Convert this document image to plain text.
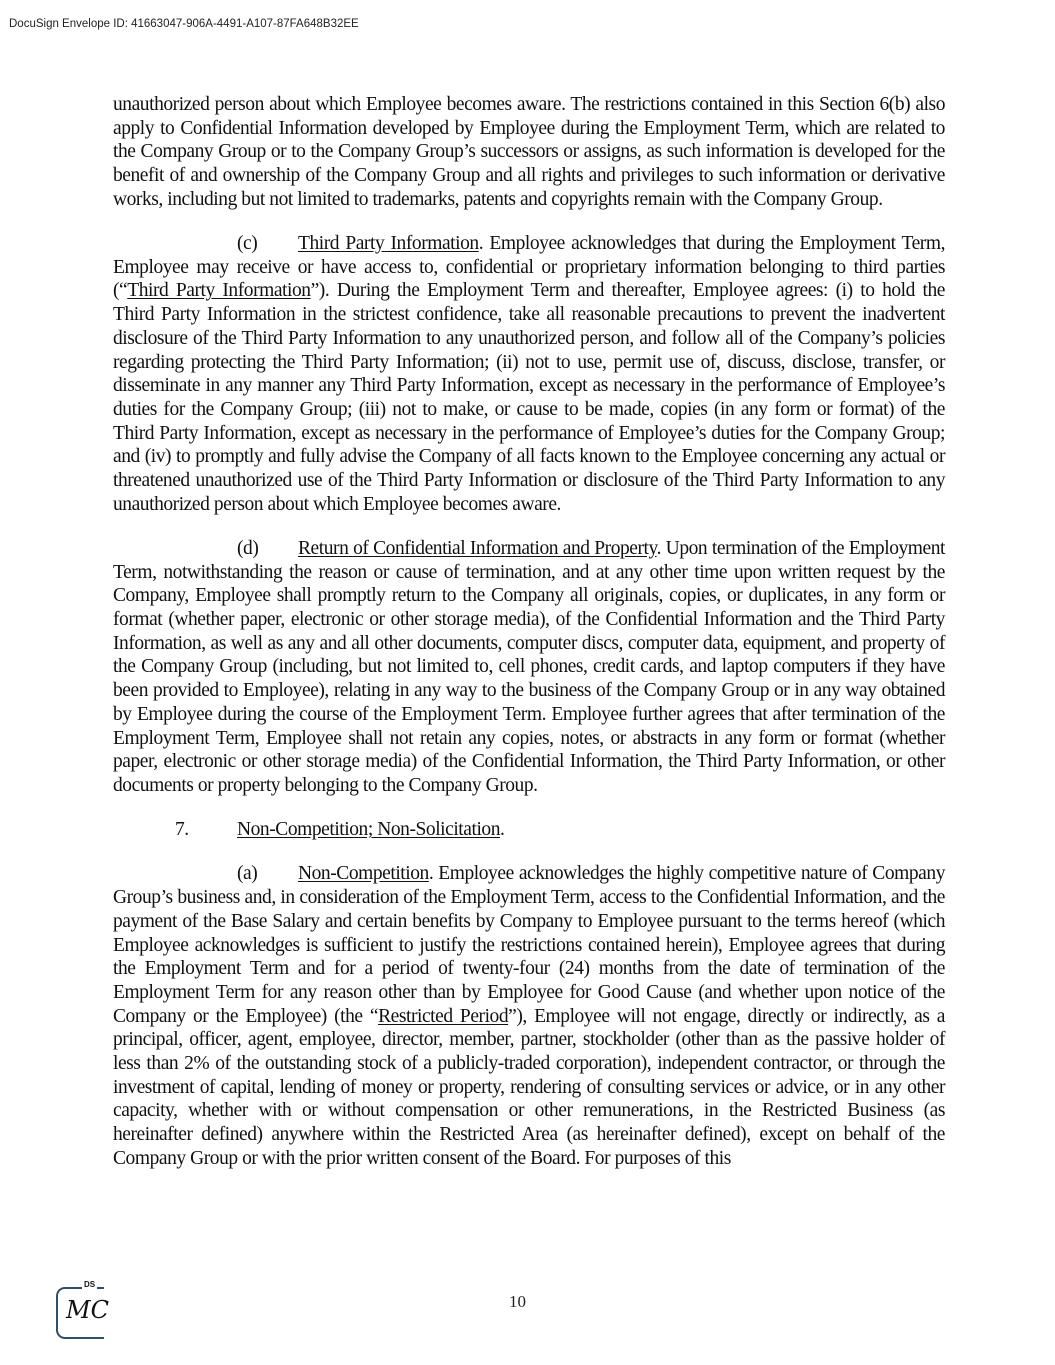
DocuSign Envelope ID: 41663047-906A-4491-A107-87FA648B32EE

unauthorized person about which Employee becomes aware. The restrictions contained in this Section 6(b) also apply to Confidential Information developed by Employee during the Employment Term, which are related to the Company Group or to the Company Group’s successors or assigns, as such information is developed for the benefit of and ownership of the Company Group and all rights and privileges to such information or derivative works, including but not limited to trademarks, patents and copyrights remain with the Company Group.

(c) Third Party Information. Employee acknowledges that during the Employment Term, Employee may receive or have access to, confidential or proprietary information belonging to third parties (“Third Party Information”). During the Employment Term and thereafter, Employee agrees: (i) to hold the Third Party Information in the strictest confidence, take all reasonable precautions to prevent the inadvertent disclosure of the Third Party Information to any unauthorized person, and follow all of the Company’s policies regarding protecting the Third Party Information; (ii) not to use, permit use of, discuss, disclose, transfer, or disseminate in any manner any Third Party Information, except as necessary in the performance of Employee’s duties for the Company Group; (iii) not to make, or cause to be made, copies (in any form or format) of the Third Party Information, except as necessary in the performance of Employee’s duties for the Company Group; and (iv) to promptly and fully advise the Company of all facts known to the Employee concerning any actual or threatened unauthorized use of the Third Party Information or disclosure of the Third Party Information to any unauthorized person about which Employee becomes aware.

(d) Return of Confidential Information and Property. Upon termination of the Employment Term, notwithstanding the reason or cause of termination, and at any other time upon written request by the Company, Employee shall promptly return to the Company all originals, copies, or duplicates, in any form or format (whether paper, electronic or other storage media), of the Confidential Information and the Third Party Information, as well as any and all other documents, computer discs, computer data, equipment, and property of the Company Group (including, but not limited to, cell phones, credit cards, and laptop computers if they have been provided to Employee), relating in any way to the business of the Company Group or in any way obtained by Employee during the course of the Employment Term. Employee further agrees that after termination of the Employment Term, Employee shall not retain any copies, notes, or abstracts in any form or format (whether paper, electronic or other storage media) of the Confidential Information, the Third Party Information, or other documents or property belonging to the Company Group.

7. Non-Competition; Non-Solicitation.

(a) Non-Competition. Employee acknowledges the highly competitive nature of Company Group’s business and, in consideration of the Employment Term, access to the Confidential Information, and the payment of the Base Salary and certain benefits by Company to Employee pursuant to the terms hereof (which Employee acknowledges is sufficient to justify the restrictions contained herein), Employee agrees that during the Employment Term and for a period of twenty-four (24) months from the date of termination of the Employment Term for any reason other than by Employee for Good Cause (and whether upon notice of the Company or the Employee) (the “Restricted Period”), Employee will not engage, directly or indirectly, as a principal, officer, agent, employee, director, member, partner, stockholder (other than as the passive holder of less than 2% of the outstanding stock of a publicly-traded corporation), independent contractor, or through the investment of capital, lending of money or property, rendering of consulting services or advice, or in any other capacity, whether with or without compensation or other remunerations, in the Restricted Business (as hereinafter defined) anywhere within the Restricted Area (as hereinafter defined), except on behalf of the Company Group or with the prior written consent of the Board. For purposes of this

DS
MC	10
